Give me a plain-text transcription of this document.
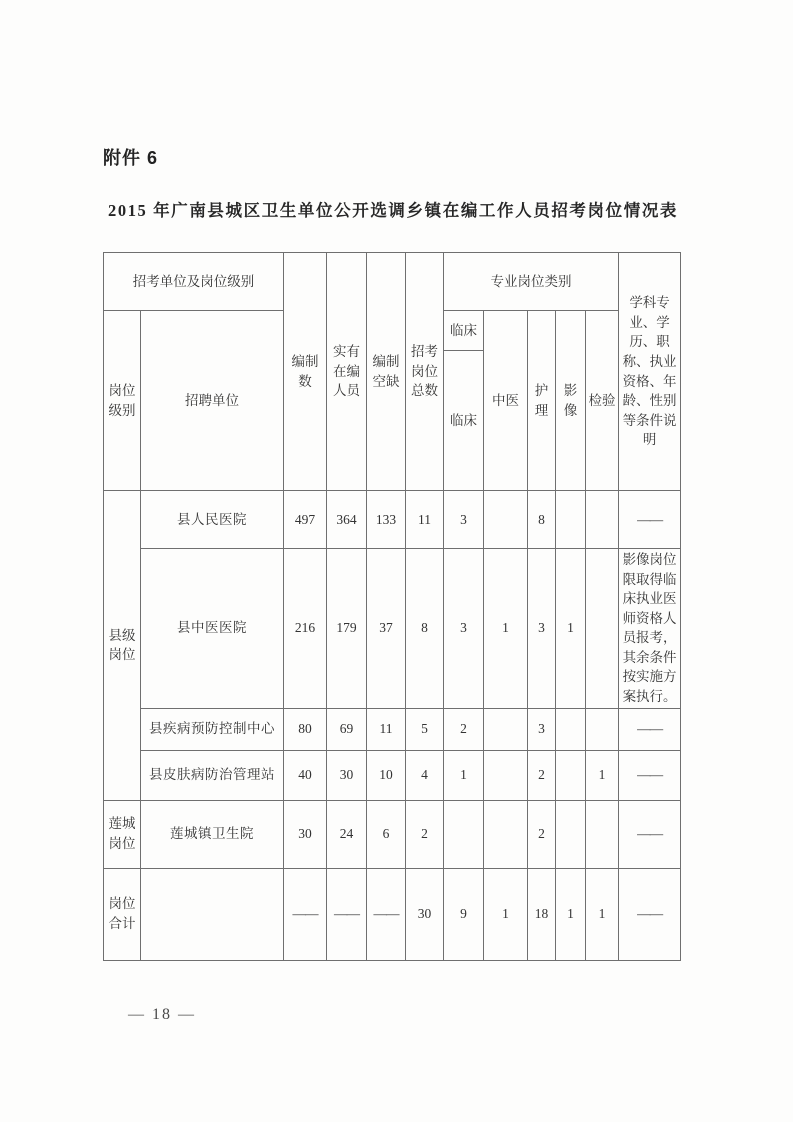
附件 6
2015 年广南县城区卫生单位公开选调乡镇在编工作人员招考岗位情况表
招考单位及岗位级别		编制数	实有在编人员	编制空缺	招考岗位总数	专业岗位类别					学科专业、学历、职称、执业资格、年龄、性别等条件说明
岗位级别	招聘单位					临床	中医	护理	影像	检验	
						临床					
县级岗位	县人民医院	497	364	133	11	3		8			——
	县中医医院	216	179	37	8	3	1	3	1		影像岗位限取得临床执业医师资格人员报考，其余条件按实施方案执行。
	县疾病预防控制中心	80	69	11	5	2		3			——
	县皮肤病防治管理站	40	30	10	4	1		2		1	——
莲城岗位	莲城镇卫生院	30	24	6	2			2			——
岗位合计		——	——	——	30	9	1	18	1	1	——
— 18 —
